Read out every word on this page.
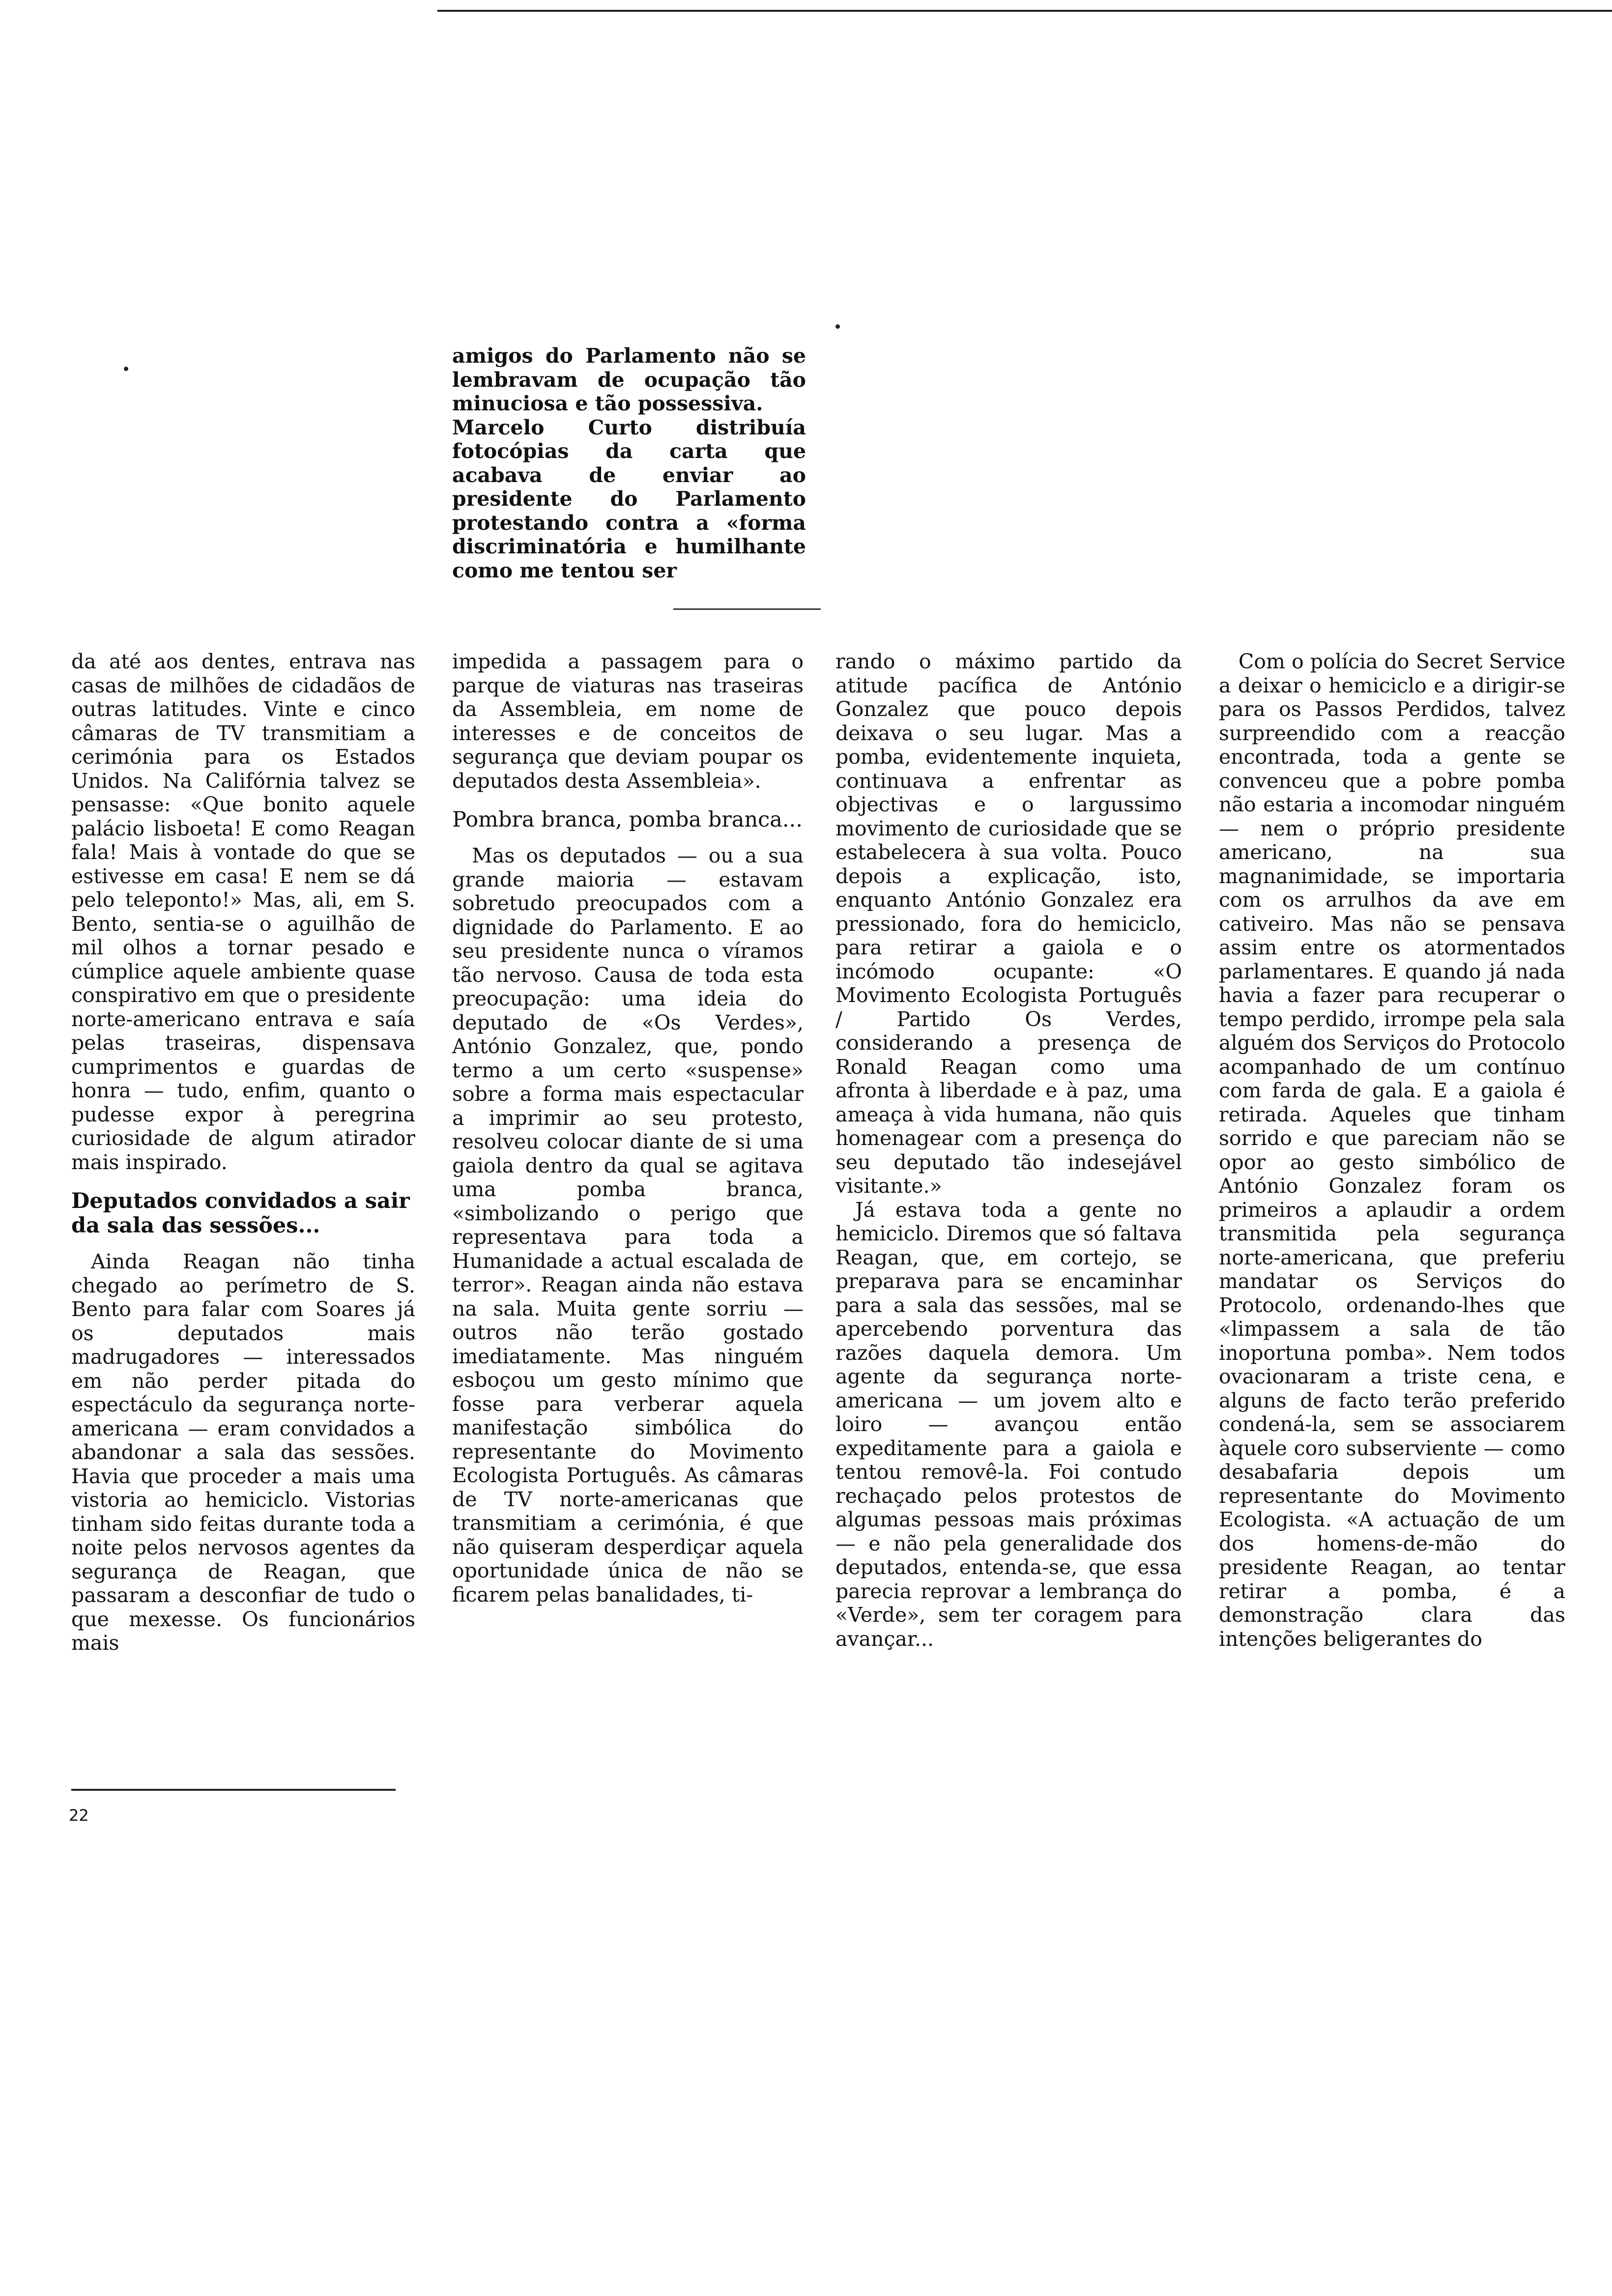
amigos do Parlamento não se lembravam de ocupação tão minuciosa e tão possessiva.

Marcelo Curto distribuía fotocópias da carta que acabava de enviar ao presidente do Parlamento protestando contra a «forma discriminatória e humilhante como me tentou ser

da até aos dentes, entrava nas casas de milhões de cidadãos de outras latitudes. Vinte e cinco câmaras de TV transmitiam a cerimónia para os Estados Unidos. Na Califórnia talvez se pensasse: «Que bonito aquele palácio lisboeta! E como Reagan fala! Mais à vontade do que se estivesse em casa! E nem se dá pelo teleponto!» Mas, ali, em S. Bento, sentia-se o aguilhão de mil olhos a tornar pesado e cúmplice aquele ambiente quase conspirativo em que o presidente norte-americano entrava e saía pelas traseiras, dispensava cumprimentos e guardas de honra — tudo, enfim, quanto o pudesse expor à peregrina curiosidade de algum atirador mais inspirado.

Deputados convidados a sair da sala das sessões...

Ainda Reagan não tinha chegado ao perímetro de S. Bento para falar com Soares já os deputados mais madrugadores — interessados em não perder pitada do espectáculo da segurança norte-americana — eram convidados a abandonar a sala das sessões. Havia que proceder a mais uma vistoria ao hemiciclo. Vistorias tinham sido feitas durante toda a noite pelos nervosos agentes da segurança de Reagan, que passaram a desconfiar de tudo o que mexesse. Os funcionários mais

22

impedida a passagem para o parque de viaturas nas traseiras da Assembleia, em nome de interesses e de conceitos de segurança que deviam poupar os deputados desta Assembleia».

Pombra branca, pomba branca...

Mas os deputados — ou a sua grande maioria — estavam sobretudo preocupados com a dignidade do Parlamento. E ao seu presidente nunca o víramos tão nervoso. Causa de toda esta preocupação: uma ideia do deputado de «Os Verdes», António Gonzalez, que, pondo termo a um certo «suspense» sobre a forma mais espectacular a imprimir ao seu protesto, resolveu colocar diante de si uma gaiola dentro da qual se agitava uma pomba branca, «simbolizando o perigo que representava para toda a Humanidade a actual escalada de terror». Reagan ainda não estava na sala. Muita gente sorriu — outros não terão gostado imediatamente. Mas ninguém esboçou um gesto mínimo que fosse para verberar aquela manifestação simbólica do representante do Movimento Ecologista Português. As câmaras de TV norte-americanas que transmitiam a cerimónia, é que não quiseram desperdiçar aquela oportunidade única de não se ficarem pelas banalidades, ti-

rando o máximo partido da atitude pacífica de António Gonzalez que pouco depois deixava o seu lugar. Mas a pomba, evidentemente inquieta, continuava a enfrentar as objectivas e o largussimo movimento de curiosidade que se estabelecera à sua volta. Pouco depois a explicação, isto, enquanto António Gonzalez era pressionado, fora do hemiciclo, para retirar a gaiola e o incómodo ocupante: «O Movimento Ecologista Português / Partido Os Verdes, considerando a presença de Ronald Reagan como uma afronta à liberdade e à paz, uma ameaça à vida humana, não quis homenagear com a presença do seu deputado tão indesejável visitante.»

Já estava toda a gente no hemiciclo. Diremos que só faltava Reagan, que, em cortejo, se preparava para se encaminhar para a sala das sessões, mal se apercebendo porventura das razões daquela demora. Um agente da segurança norte-americana — um jovem alto e loiro — avançou então expeditamente para a gaiola e tentou removê-la. Foi contudo rechaçado pelos protestos de algumas pessoas mais próximas — e não pela generalidade dos deputados, entenda-se, que essa parecia reprovar a lembrança do «Verde», sem ter coragem para avançar...

Com o polícia do Secret Service a deixar o hemiciclo e a dirigir-se para os Passos Perdidos, talvez surpreendido com a reacção encontrada, toda a gente se convenceu que a pobre pomba não estaria a incomodar ninguém — nem o próprio presidente americano, na sua magnanimidade, se importaria com os arrulhos da ave em cativeiro. Mas não se pensava assim entre os atormentados parlamentares. E quando já nada havia a fazer para recuperar o tempo perdido, irrompe pela sala alguém dos Serviços do Protocolo acompanhado de um contínuo com farda de gala. E a gaiola é retirada. Aqueles que tinham sorrido e que pareciam não se opor ao gesto simbólico de António Gonzalez foram os primeiros a aplaudir a ordem transmitida pela segurança norte-americana, que preferiu mandatar os Serviços do Protocolo, ordenando-lhes que «limpassem a sala de tão inoportuna pomba». Nem todos ovacionaram a triste cena, e alguns de facto terão preferido condená-la, sem se associarem àquele coro subserviente — como desabafaria depois um representante do Movimento Ecologista. «A actuação de um dos homens-de-mão do presidente Reagan, ao tentar retirar a pomba, é a demonstração clara das intenções beligerantes do
